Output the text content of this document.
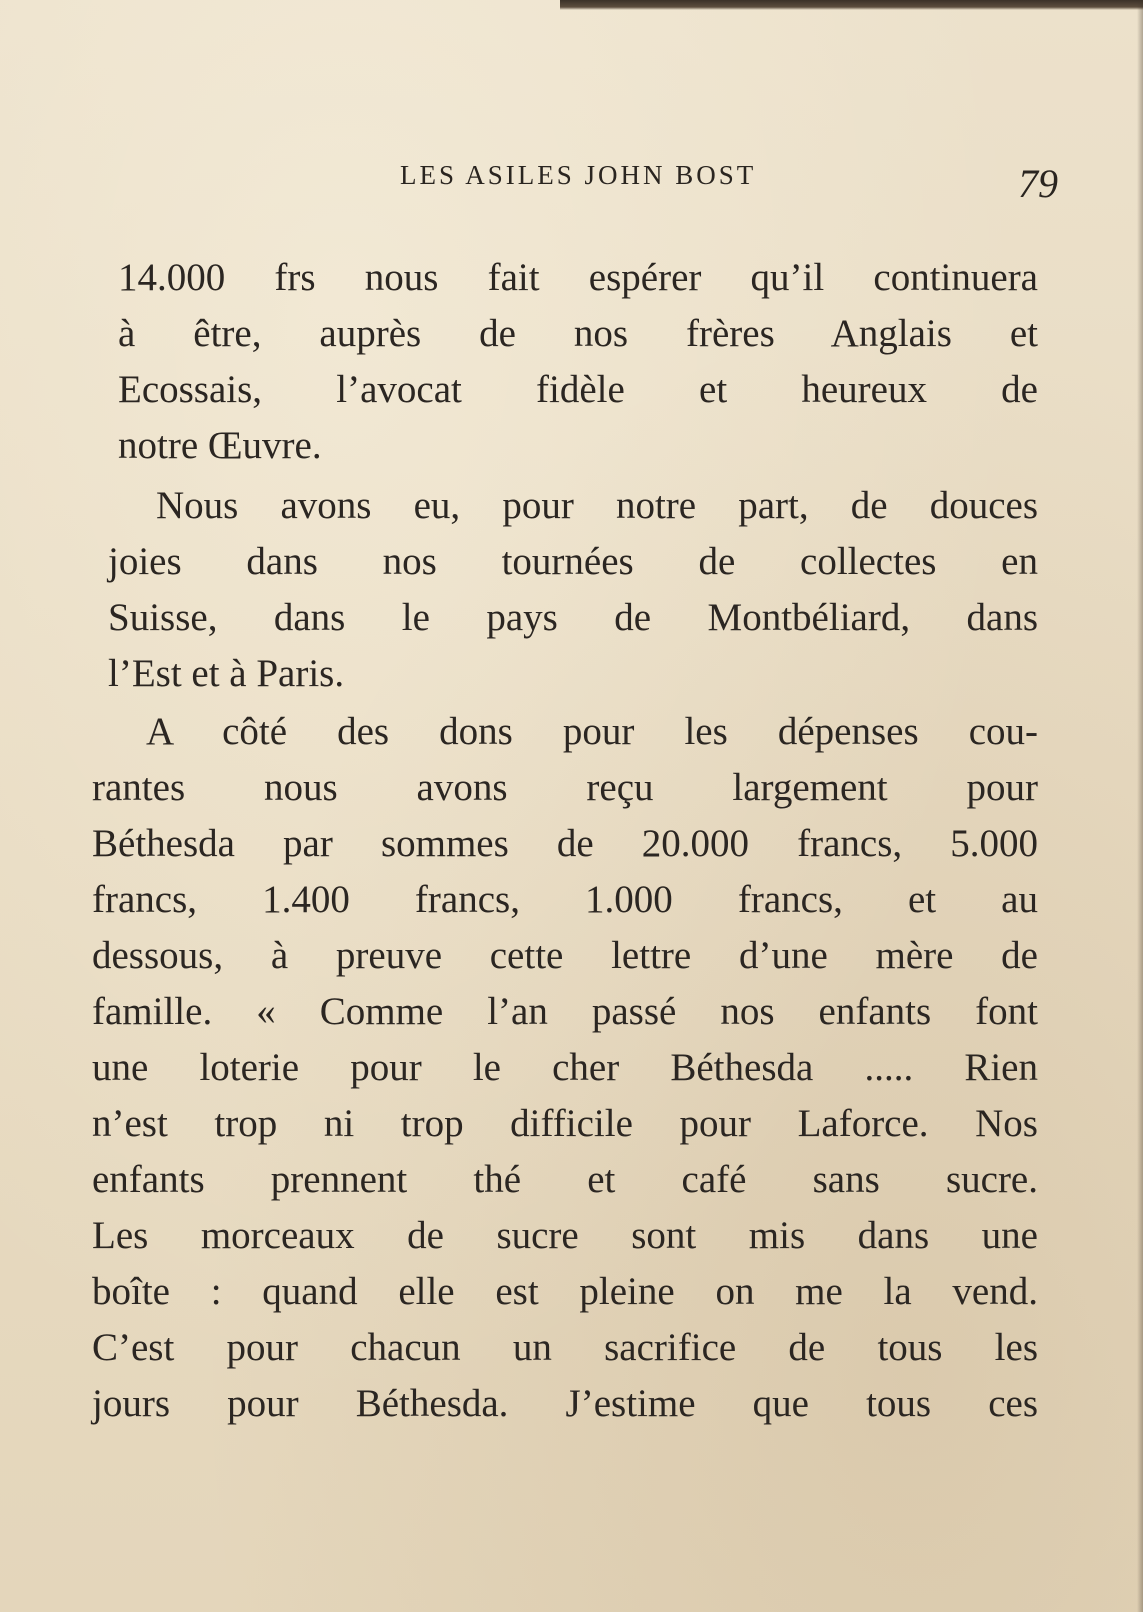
LES ASILES JOHN BOST	79
14.000 frs nous fait espérer qu’il continuera
à être, auprès de nos frères Anglais et
Ecossais, l’avocat fidèle et heureux de
notre Œuvre.
Nous avons eu, pour notre part, de douces
joies dans nos tournées de collectes en
Suisse, dans le pays de Montbéliard, dans
l’Est et à Paris.
A côté des dons pour les dépenses cou-
rantes nous avons reçu largement pour
Béthesda par sommes de 20.000 francs, 5.000
francs, 1.400 francs, 1.000 francs, et au
dessous, à preuve cette lettre d’une mère de
famille. « Comme l’an passé nos enfants font
une loterie pour le cher Béthesda ..... Rien
n’est trop ni trop difficile pour Laforce. Nos
enfants prennent thé et café sans sucre.
Les morceaux de sucre sont mis dans une
boîte : quand elle est pleine on me la vend.
C’est pour chacun un sacrifice de tous les
jours pour Béthesda. J’estime que tous ces
